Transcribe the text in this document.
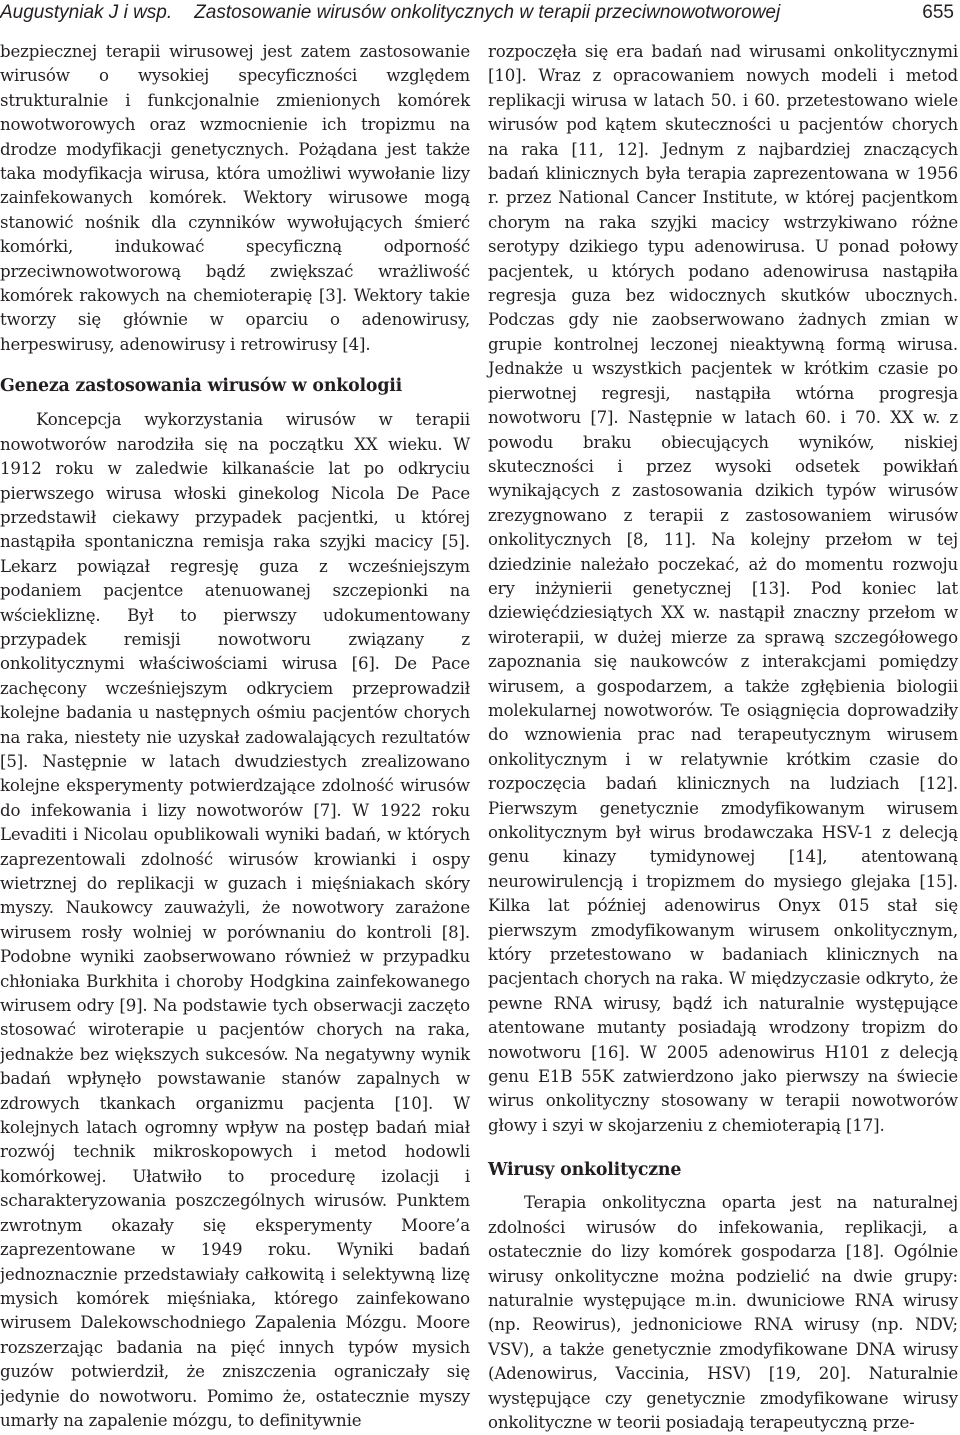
Augustyniak J i wsp. Zastosowanie wirusów onkolitycznych w terapii przeciwnowotworowej	655

bezpiecznej terapii wirusowej jest zatem zastosowanie wirusów o wysokiej specyficzności względem strukturalnie i funkcjonalnie zmienionych komórek nowotworowych oraz wzmocnienie ich tropizmu na drodze modyfikacji genetycznych. Pożądana jest także taka modyfikacja wirusa, która umożliwi wywołanie lizy zainfekowanych komórek. Wektory wirusowe mogą stanowić nośnik dla czynników wywołujących śmierć komórki, indukować specyficzną odporność przeciwnowotworową bądź zwiększać wrażliwość komórek rakowych na chemioterapię [3]. Wektory takie tworzy się głównie w oparciu o adenowirusy, herpeswirusy, adenowirusy i retrowirusy [4].

Geneza zastosowania wirusów w onkologii

Koncepcja wykorzystania wirusów w terapii nowotworów narodziła się na początku XX wieku. W 1912 roku w zaledwie kilkanaście lat po odkryciu pierwszego wirusa włoski ginekolog Nicola De Pace przedstawił ciekawy przypadek pacjentki, u której nastąpiła spontaniczna remisja raka szyjki macicy [5]. Lekarz powiązał regresję guza z wcześniejszym podaniem pacjentce atenuowanej szczepionki na wściekliznę. Był to pierwszy udokumentowany przypadek remisji nowotworu związany z onkolitycznymi właściwościami wirusa [6]. De Pace zachęcony wcześniejszym odkryciem przeprowadził kolejne badania u następnych ośmiu pacjentów chorych na raka, niestety nie uzyskał zadowalających rezultatów [5]. Następnie w latach dwudziestych zrealizowano kolejne eksperymenty potwierdzające zdolność wirusów do infekowania i lizy nowotworów [7]. W 1922 roku Levaditi i Nicolau opublikowali wyniki badań, w których zaprezentowali zdolność wirusów krowianki i ospy wietrznej do replikacji w guzach i mięśniakach skóry myszy. Naukowcy zauważyli, że nowotwory zarażone wirusem rosły wolniej w porównaniu do kontroli [8]. Podobne wyniki zaobserwowano również w przypadku chłoniaka Burkhita i choroby Hodgkina zainfekowanego wirusem odry [9]. Na podstawie tych obserwacji zaczęto stosować wiroterapie u pacjentów chorych na raka, jednakże bez większych sukcesów. Na negatywny wynik badań wpłynęło powstawanie stanów zapalnych w zdrowych tkankach organizmu pacjenta [10]. W kolejnych latach ogromny wpływ na postęp badań miał rozwój technik mikroskopowych i metod hodowli komórkowej. Ułatwiło to procedurę izolacji i scharakteryzowania poszczególnych wirusów. Punktem zwrotnym okazały się eksperymenty Moore’a zaprezentowane w 1949 roku. Wyniki badań jednoznacznie przedstawiały całkowitą i selektywną lizę mysich komórek mięśniaka, którego zainfekowano wirusem Dalekowschodniego Zapalenia Mózgu. Moore rozszerzając badania na pięć innych typów mysich guzów potwierdził, że zniszczenia ograniczały się jedynie do nowotworu. Pomimo że, ostatecznie myszy umarły na zapalenie mózgu, to definitywnie

rozpoczęła się era badań nad wirusami onkolitycznymi [10]. Wraz z opracowaniem nowych modeli i metod replikacji wirusa w latach 50. i 60. przetestowano wiele wirusów pod kątem skuteczności u pacjentów chorych na raka [11, 12]. Jednym z najbardziej znaczących badań klinicznych była terapia zaprezentowana w 1956 r. przez National Cancer Institute, w której pacjentkom chorym na raka szyjki macicy wstrzykiwano różne serotypy dzikiego typu adenowirusa. U ponad połowy pacjentek, u których podano adenowirusa nastąpiła regresja guza bez widocznych skutków ubocznych. Podczas gdy nie zaobserwowano żadnych zmian w grupie kontrolnej leczonej nieaktywną formą wirusa. Jednakże u wszystkich pacjentek w krótkim czasie po pierwotnej regresji, nastąpiła wtórna progresja nowotworu [7]. Następnie w latach 60. i 70. XX w. z powodu braku obiecujących wyników, niskiej skuteczności i przez wysoki odsetek powikłań wynikających z zastosowania dzikich typów wirusów zrezygnowano z terapii z zastosowaniem wirusów onkolitycznych [8, 11]. Na kolejny przełom w tej dziedzinie należało poczekać, aż do momentu rozwoju ery inżynierii genetycznej [13]. Pod koniec lat dziewięćdziesiątych XX w. nastąpił znaczny przełom w wiroterapii, w dużej mierze za sprawą szczegółowego zapoznania się naukowców z interakcjami pomiędzy wirusem, a gospodarzem, a także zgłębienia biologii molekularnej nowotworów. Te osiągnięcia doprowadziły do wznowienia prac nad terapeutycznym wirusem onkolitycznym i w relatywnie krótkim czasie do rozpoczęcia badań klinicznych na ludziach [12]. Pierwszym genetycznie zmodyfikowanym wirusem onkolitycznym był wirus brodawczaka HSV-1 z delecją genu kinazy tymidynowej [14], atentowaną neurowirulencją i tropizmem do mysiego glejaka [15]. Kilka lat później adenowirus Onyx 015 stał się pierwszym zmodyfikowanym wirusem onkolitycznym, który przetestowano w badaniach klinicznych na pacjentach chorych na raka. W międzyczasie odkryto, że pewne RNA wirusy, bądź ich naturalnie występujące atentowane mutanty posiadają wrodzony tropizm do nowotworu [16]. W 2005 adenowirus H101 z delecją genu E1B 55K zatwierdzono jako pierwszy na świecie wirus onkolityczny stosowany w terapii nowotworów głowy i szyi w skojarzeniu z chemioterapią [17].

Wirusy onkolityczne

Terapia onkolityczna oparta jest na naturalnej zdolności wirusów do infekowania, replikacji, a ostatecznie do lizy komórek gospodarza [18]. Ogólnie wirusy onkolityczne można podzielić na dwie grupy: naturalnie występujące m.in. dwuniciowe RNA wirusy (np. Reowirus), jednoniciowe RNA wirusy (np. NDV; VSV), a także genetycznie zmodyfikowane DNA wirusy (Adenowirus, Vaccinia, HSV) [19, 20]. Naturalnie występujące czy genetycznie zmodyfikowane wirusy onkolityczne w teorii posiadają terapeutyczną prze-
